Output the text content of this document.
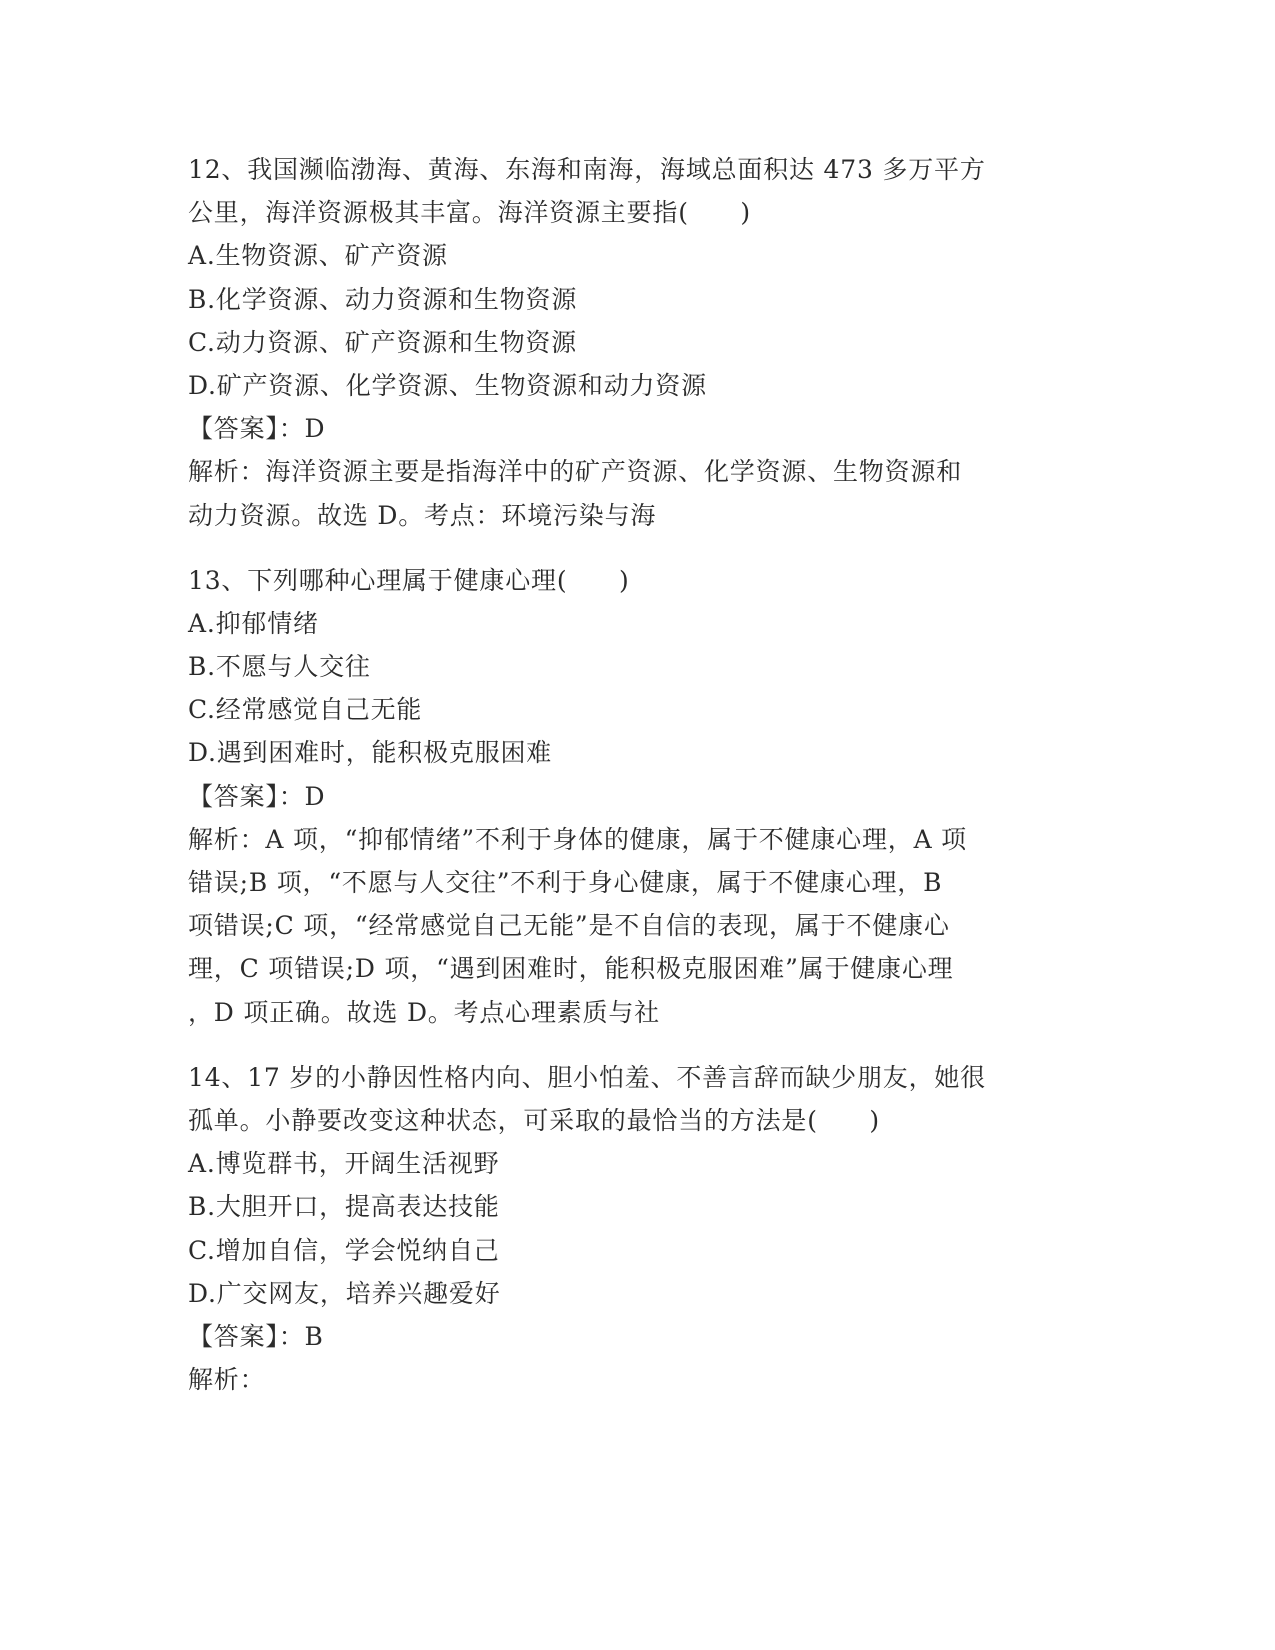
12、我国濒临渤海、黄海、东海和南海，海域总面积达 473 多万平方
公里，海洋资源极其丰富。海洋资源主要指(　　)
A.生物资源、矿产资源
B.化学资源、动力资源和生物资源
C.动力资源、矿产资源和生物资源
D.矿产资源、化学资源、生物资源和动力资源
【答案】：D
解析：海洋资源主要是指海洋中的矿产资源、化学资源、生物资源和
动力资源。故选 D。考点：环境污染与海
13、下列哪种心理属于健康心理(　　)
A.抑郁情绪
B.不愿与人交往
C.经常感觉自己无能
D.遇到困难时，能积极克服困难
【答案】：D
解析：A 项，“抑郁情绪”不利于身体的健康，属于不健康心理，A 项
错误;B 项，“不愿与人交往”不利于身心健康，属于不健康心理，B
项错误;C 项，“经常感觉自己无能”是不自信的表现，属于不健康心
理，C 项错误;D 项，“遇到困难时，能积极克服困难”属于健康心理
，D 项正确。故选 D。考点心理素质与社
14、17 岁的小静因性格内向、胆小怕羞、不善言辞而缺少朋友，她很
孤单。小静要改变这种状态，可采取的最恰当的方法是(　　)
A.博览群书，开阔生活视野
B.大胆开口，提高表达技能
C.增加自信，学会悦纳自己
D.广交网友，培养兴趣爱好
【答案】：B
解析：
